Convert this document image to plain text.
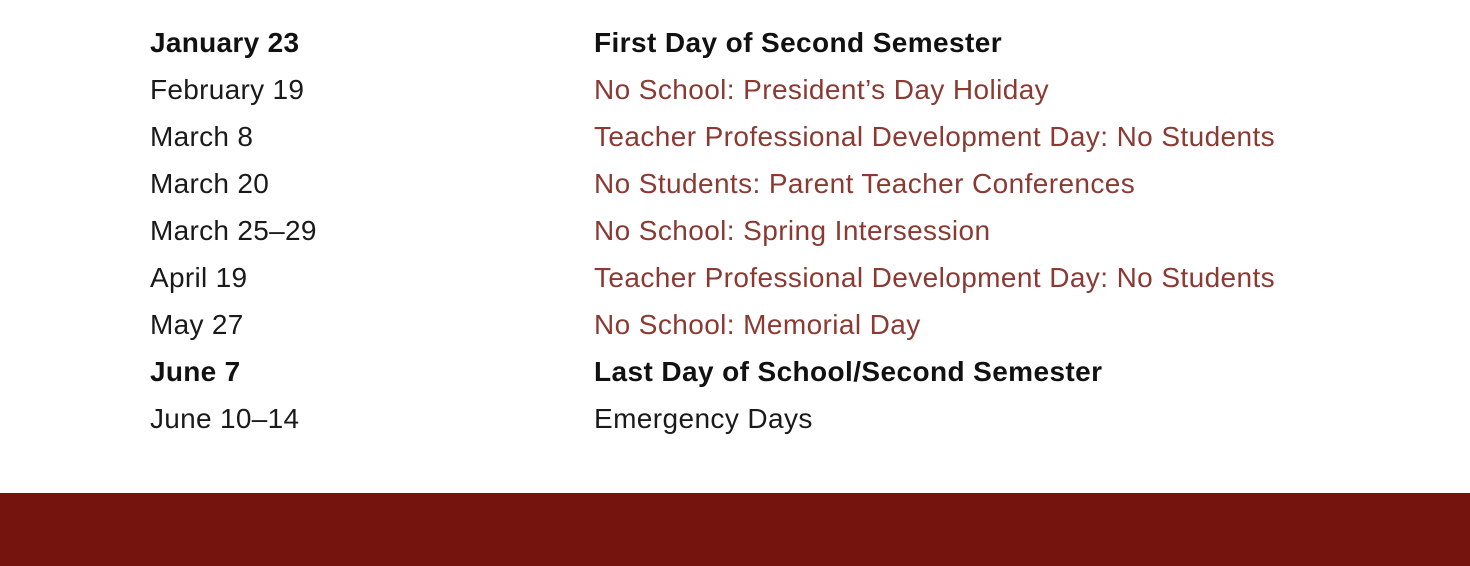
January 23	First Day of Second Semester
February 19	No School: President’s Day Holiday
March 8	Teacher Professional Development Day: No Students
March 20	No Students: Parent Teacher Conferences
March 25–29	No School: Spring Intersession
April 19	Teacher Professional Development Day: No Students
May 27	No School: Memorial Day
June 7	Last Day of School/Second Semester
June 10–14	Emergency Days
